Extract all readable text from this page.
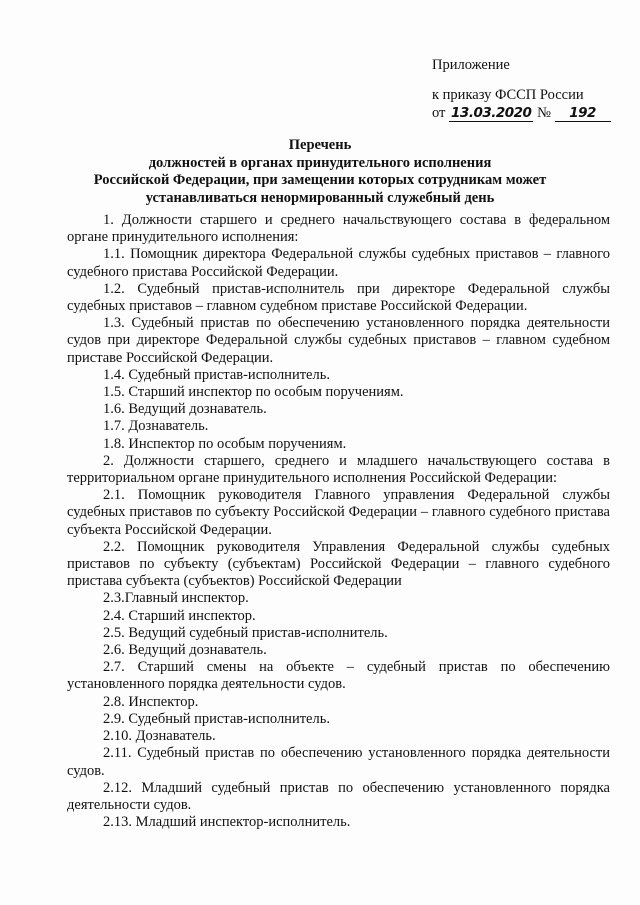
Приложение
к приказу ФССП России
от 13.03.2020 № 192
Перечень
должностей в органах принудительного исполнения
Российской Федерации, при замещении которых сотрудникам может
устанавливаться ненормированный служебный день

1. Должности старшего и среднего начальствующего состава в федеральном органе принудительного исполнения:

1.1. Помощник директора Федеральной службы судебных приставов – главного судебного пристава Российской Федерации.

1.2. Судебный пристав-исполнитель при директоре Федеральной службы судебных приставов – главном судебном приставе Российской Федерации.

1.3. Судебный пристав по обеспечению установленного порядка деятельности судов при директоре Федеральной службы судебных приставов – главном судебном приставе Российской Федерации.

1.4. Судебный пристав-исполнитель.

1.5. Старший инспектор по особым поручениям.

1.6. Ведущий дознаватель.

1.7. Дознаватель.

1.8. Инспектор по особым поручениям.

2. Должности старшего, среднего и младшего начальствующего состава в территориальном органе принудительного исполнения Российской Федерации:

2.1. Помощник руководителя Главного управления Федеральной службы судебных приставов по субъекту Российской Федерации – главного судебного пристава субъекта Российской Федерации.

2.2. Помощник руководителя Управления Федеральной службы судебных приставов по субъекту (субъектам) Российской Федерации – главного судебного пристава субъекта (субъектов) Российской Федерации

2.3.Главный инспектор.

2.4. Старший инспектор.

2.5. Ведущий судебный пристав-исполнитель.

2.6. Ведущий дознаватель.

2.7. Старший смены на объекте – судебный пристав по обеспечению установленного порядка деятельности судов.

2.8. Инспектор.

2.9. Судебный пристав-исполнитель.

2.10. Дознаватель.

2.11. Судебный пристав по обеспечению установленного порядка деятельности судов.

2.12. Младший судебный пристав по обеспечению установленного порядка деятельности судов.

2.13. Младший инспектор-исполнитель.
